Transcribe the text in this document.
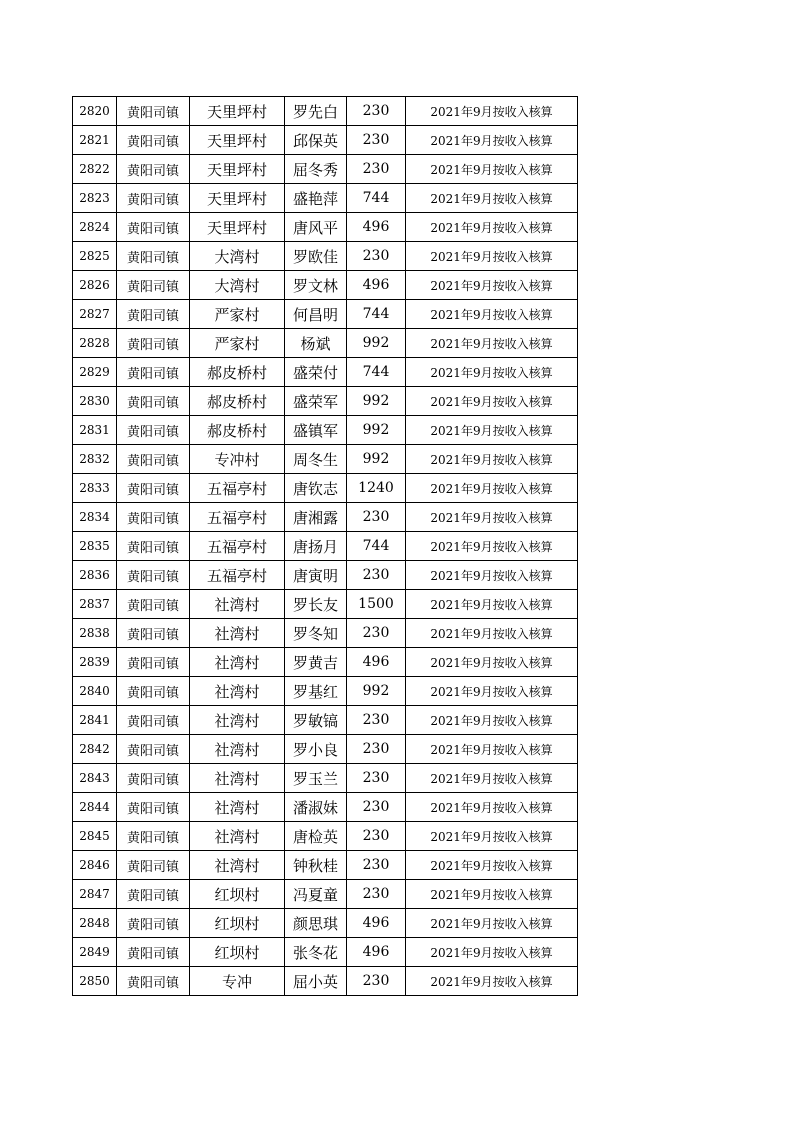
2820	黄阳司镇	天里坪村	罗先白	230	2021年9月按收入核算
2821	黄阳司镇	天里坪村	邱保英	230	2021年9月按收入核算
2822	黄阳司镇	天里坪村	屈冬秀	230	2021年9月按收入核算
2823	黄阳司镇	天里坪村	盛艳萍	744	2021年9月按收入核算
2824	黄阳司镇	天里坪村	唐风平	496	2021年9月按收入核算
2825	黄阳司镇	大湾村	罗欧佳	230	2021年9月按收入核算
2826	黄阳司镇	大湾村	罗文林	496	2021年9月按收入核算
2827	黄阳司镇	严家村	何昌明	744	2021年9月按收入核算
2828	黄阳司镇	严家村	杨斌	992	2021年9月按收入核算
2829	黄阳司镇	郝皮桥村	盛荣付	744	2021年9月按收入核算
2830	黄阳司镇	郝皮桥村	盛荣军	992	2021年9月按收入核算
2831	黄阳司镇	郝皮桥村	盛镇军	992	2021年9月按收入核算
2832	黄阳司镇	专冲村	周冬生	992	2021年9月按收入核算
2833	黄阳司镇	五福亭村	唐钦志	1240	2021年9月按收入核算
2834	黄阳司镇	五福亭村	唐湘露	230	2021年9月按收入核算
2835	黄阳司镇	五福亭村	唐扬月	744	2021年9月按收入核算
2836	黄阳司镇	五福亭村	唐寅明	230	2021年9月按收入核算
2837	黄阳司镇	社湾村	罗长友	1500	2021年9月按收入核算
2838	黄阳司镇	社湾村	罗冬知	230	2021年9月按收入核算
2839	黄阳司镇	社湾村	罗黄吉	496	2021年9月按收入核算
2840	黄阳司镇	社湾村	罗基红	992	2021年9月按收入核算
2841	黄阳司镇	社湾村	罗敏镐	230	2021年9月按收入核算
2842	黄阳司镇	社湾村	罗小良	230	2021年9月按收入核算
2843	黄阳司镇	社湾村	罗玉兰	230	2021年9月按收入核算
2844	黄阳司镇	社湾村	潘淑妹	230	2021年9月按收入核算
2845	黄阳司镇	社湾村	唐检英	230	2021年9月按收入核算
2846	黄阳司镇	社湾村	钟秋桂	230	2021年9月按收入核算
2847	黄阳司镇	红坝村	冯夏童	230	2021年9月按收入核算
2848	黄阳司镇	红坝村	颜思琪	496	2021年9月按收入核算
2849	黄阳司镇	红坝村	张冬花	496	2021年9月按收入核算
2850	黄阳司镇	专冲	屈小英	230	2021年9月按收入核算
